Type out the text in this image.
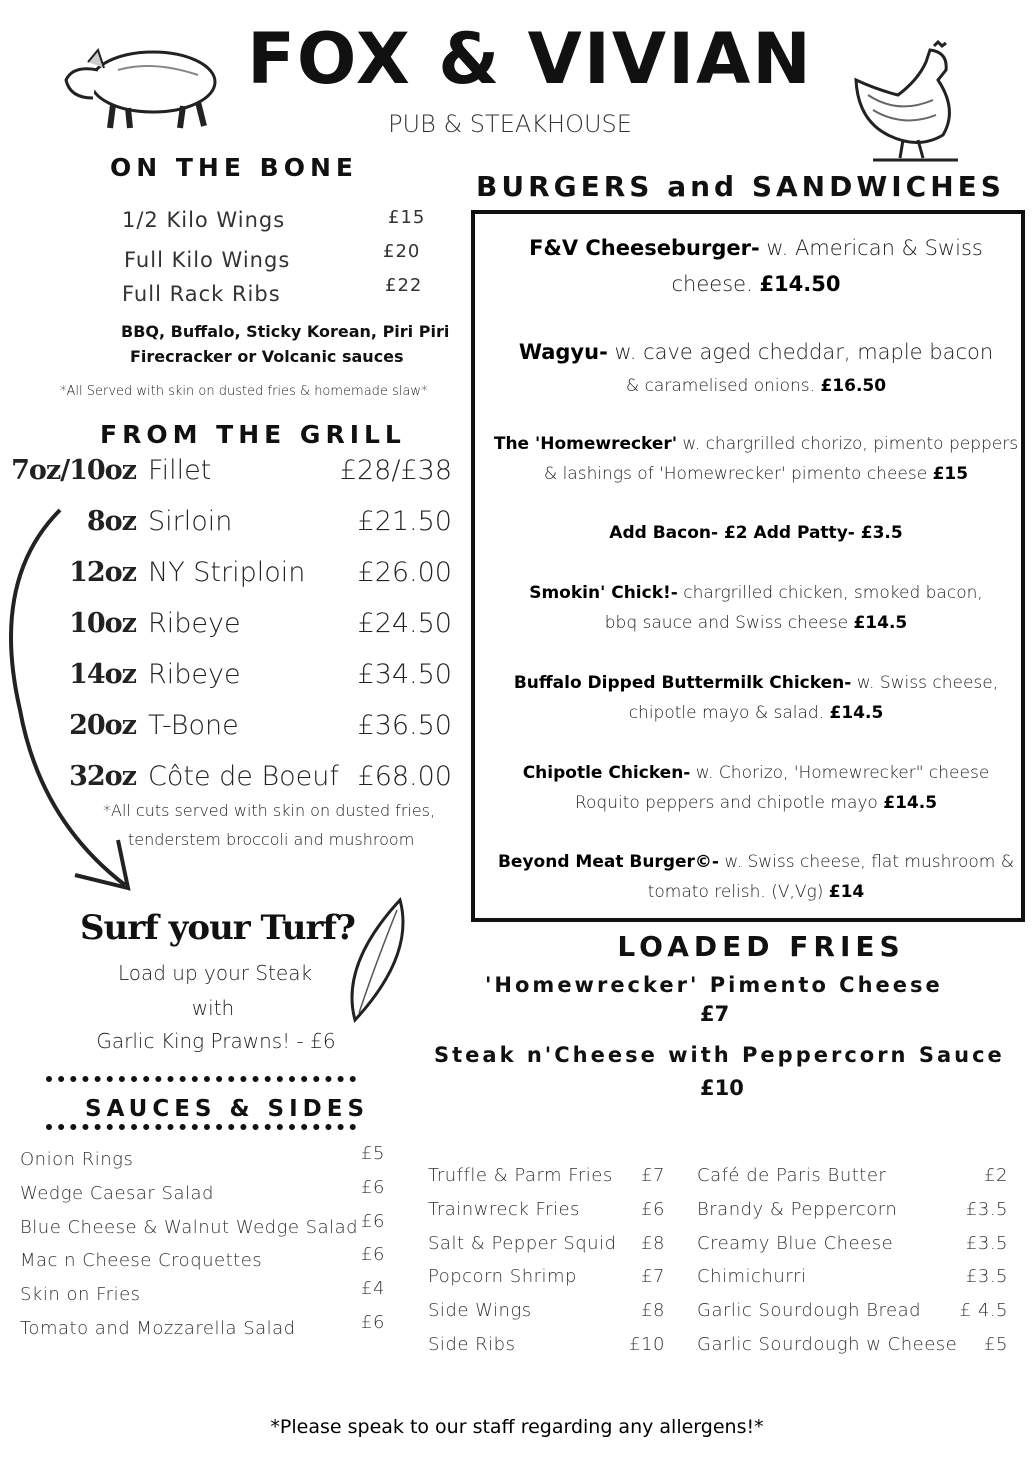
FOX & VIVIAN
PUB & STEAKHOUSE
ON THE BONE
1/2 Kilo Wings	£15
Full Kilo Wings	£20
Full Rack Ribs	£22
BBQ, Buffalo, Sticky Korean, Piri Piri
Firecracker or Volcanic sauces
*All Served with skin on dusted fries & homemade slaw*
FROM THE GRILL
7oz/10oz Fillet	£28/£38
8oz Sirloin	£21.50
12oz NY Striploin	£26.00
10oz Ribeye	£24.50
14oz Ribeye	£34.50
20oz T-Bone	£36.50
32oz Côte de Boeuf £68.00
*All cuts served with skin on dusted fries,
tenderstem broccoli and mushroom
Surf your Turf?
Load up your Steak
with
Garlic King Prawns! - £6
SAUCES & SIDES
Onion Rings	£5
Wedge Caesar Salad	£6
Blue Cheese & Walnut Wedge Salad £6
Mac n Cheese Croquettes	£6
Skin on Fries	£4
Tomato and Mozzarella Salad	£6
BURGERS and SANDWICHES
F&V Cheeseburger- w. American & Swiss
cheese. £14.50
Wagyu- w. cave aged cheddar, maple bacon
& caramelised onions. £16.50
The 'Homewrecker' w. chargrilled chorizo, pimento peppers
& lashings of 'Homewrecker' pimento cheese £15
Add Bacon- £2 Add Patty- £3.5
Smokin' Chick!- chargrilled chicken, smoked bacon,
bbq sauce and Swiss cheese £14.5
Buffalo Dipped Buttermilk Chicken- w. Swiss cheese,
chipotle mayo & salad. £14.5
Chipotle Chicken- w. Chorizo, 'Homewrecker" cheese
Roquito peppers and chipotle mayo £14.5
Beyond Meat Burger©- w. Swiss cheese, flat mushroom &
tomato relish. (V,Vg) £14
LOADED FRIES
'Homewrecker' Pimento Cheese
£7
Steak n'Cheese with Peppercorn Sauce
£10
Truffle & Parm Fries	£7
Trainwreck Fries	£6
Salt & Pepper Squid	£8
Popcorn Shrimp	£7
Side Wings	£8
Side Ribs	£10
Café de Paris Butter	£2
Brandy & Peppercorn	£3.5
Creamy Blue Cheese	£3.5
Chimichurri	£3.5
Garlic Sourdough Bread	£ 4.5
Garlic Sourdough w Cheese	£5
*Please speak to our staff regarding any allergens!*
